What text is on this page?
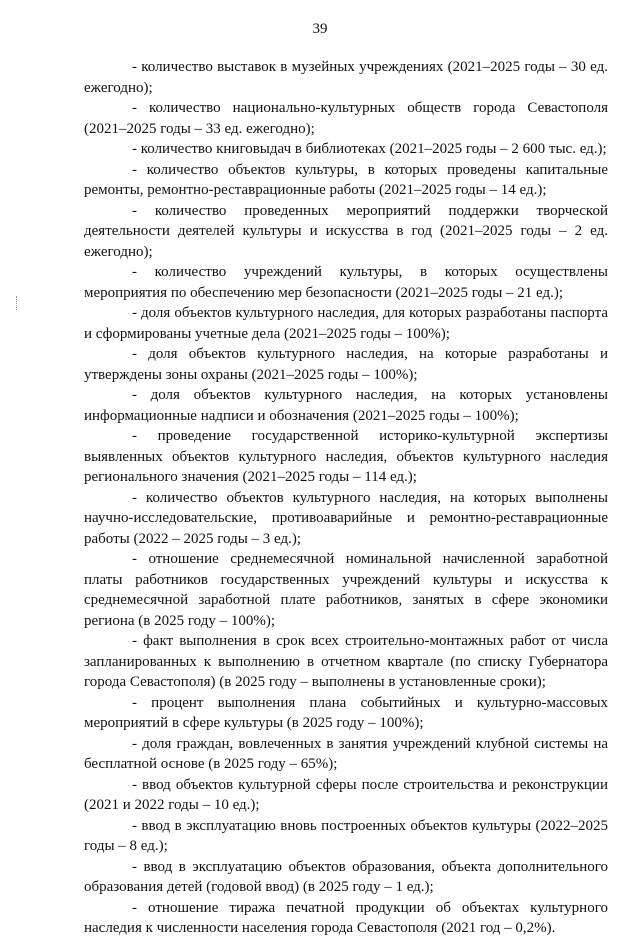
39

- количество выставок в музейных учреждениях (2021–2025 годы – 30 ед. ежегодно);

- количество национально-культурных обществ города Севастополя (2021–2025 годы – 33 ед. ежегодно);

- количество книговыдач в библиотеках (2021–2025 годы – 2 600 тыс. ед.);

- количество объектов культуры, в которых проведены капитальные ремонты, ремонтно-реставрационные работы (2021–2025 годы – 14 ед.);

- количество проведенных мероприятий поддержки творческой деятельности деятелей культуры и искусства в год (2021–2025 годы – 2 ед. ежегодно);

- количество учреждений культуры, в которых осуществлены мероприятия по обеспечению мер безопасности (2021–2025 годы – 21 ед.);

- доля объектов культурного наследия, для которых разработаны паспорта и сформированы учетные дела (2021–2025 годы – 100%);

- доля объектов культурного наследия, на которые разработаны и утверждены зоны охраны (2021–2025 годы – 100%);

- доля объектов культурного наследия, на которых установлены информационные надписи и обозначения (2021–2025 годы – 100%);

- проведение государственной историко-культурной экспертизы выявленных объектов культурного наследия, объектов культурного наследия регионального значения (2021–2025 годы – 114 ед.);

- количество объектов культурного наследия, на которых выполнены научно-исследовательские, противоаварийные и ремонтно-реставрационные работы (2022 – 2025 годы – 3 ед.);

- отношение среднемесячной номинальной начисленной заработной платы работников государственных учреждений культуры и искусства к среднемесячной заработной плате работников, занятых в сфере экономики региона (в 2025 году – 100%);

- факт выполнения в срок всех строительно-монтажных работ от числа запланированных к выполнению в отчетном квартале (по списку Губернатора города Севастополя) (в 2025 году – выполнены в установленные сроки);

- процент выполнения плана событийных и культурно-массовых мероприятий в сфере культуры (в 2025 году – 100%);

- доля граждан, вовлеченных в занятия учреждений клубной системы на бесплатной основе (в 2025 году – 65%);

- ввод объектов культурной сферы после строительства и реконструкции (2021 и 2022 годы – 10 ед.);

- ввод в эксплуатацию вновь построенных объектов культуры (2022–2025 годы – 8 ед.);

- ввод в эксплуатацию объектов образования, объекта дополнительного образования детей (годовой ввод) (в 2025 году – 1 ед.);

- отношение тиража печатной продукции об объектах культурного наследия к численности населения города Севастополя (2021 год – 0,2%).
